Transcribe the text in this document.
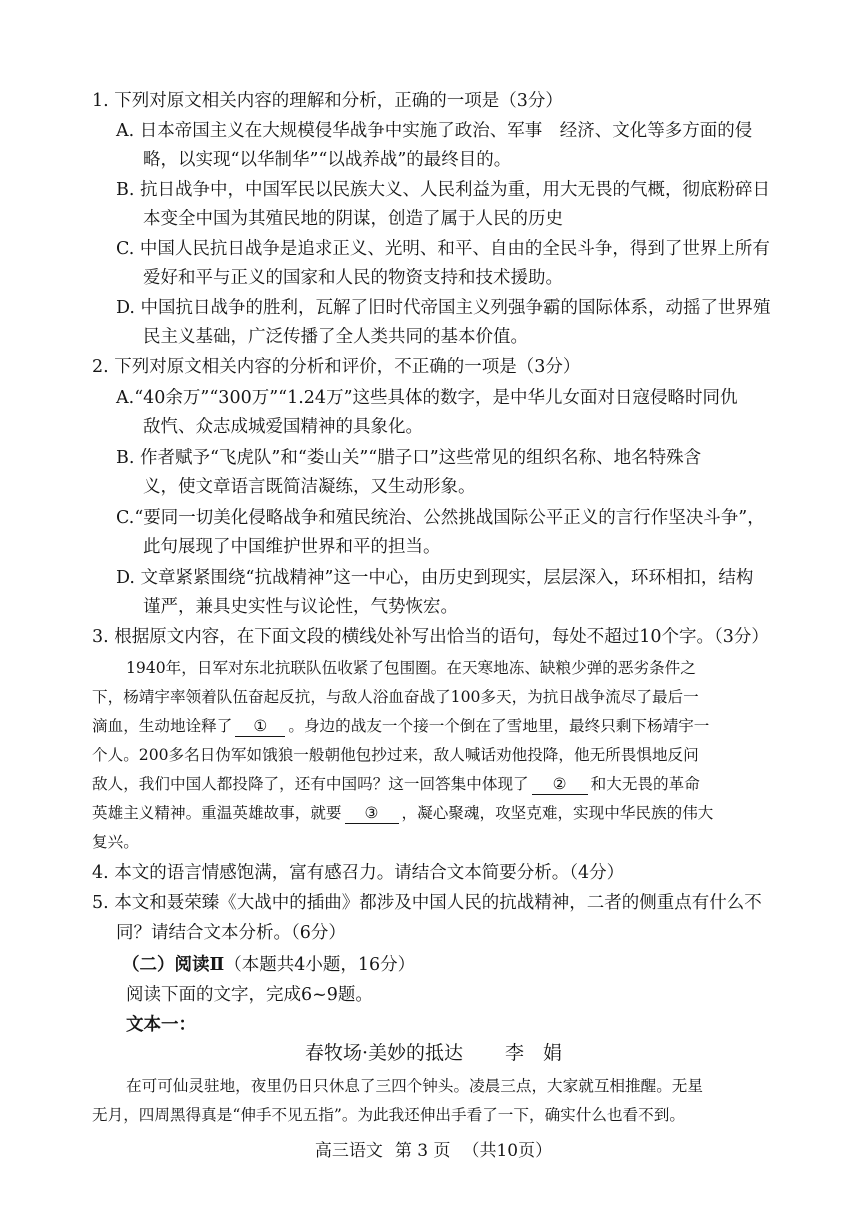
1. 下列对原文相关内容的理解和分析，正确的一项是（3分）
A. 日本帝国主义在大规模侵华战争中实施了政治、军事　经济、文化等多方面的侵
略，以实现“以华制华”“以战养战”的最终目的。
B. 抗日战争中，中国军民以民族大义、人民利益为重，用大无畏的气概，彻底粉碎日
本变全中国为其殖民地的阴谋，创造了属于人民的历史
C. 中国人民抗日战争是追求正义、光明、和平、自由的全民斗争，得到了世界上所有
爱好和平与正义的国家和人民的物资支持和技术援助。
D. 中国抗日战争的胜利，瓦解了旧时代帝国主义列强争霸的国际体系，动摇了世界殖
民主义基础，广泛传播了全人类共同的基本价值。
2. 下列对原文相关内容的分析和评价，不正确的一项是（3分）
A.“40余万”“300万”“1.24万”这些具体的数字，是中华儿女面对日寇侵略时同仇
敌忾、众志成城爱国精神的具象化。
B. 作者赋予“飞虎队”和“娄山关”“腊子口”这些常见的组织名称、地名特殊含
义，使文章语言既简洁凝练，又生动形象。
C.“要同一切美化侵略战争和殖民统治、公然挑战国际公平正义的言行作坚决斗争”，
此句展现了中国维护世界和平的担当。
D. 文章紧紧围绕“抗战精神”这一中心，由历史到现实，层层深入，环环相扣，结构
谨严，兼具史实性与议论性，气势恢宏。
3. 根据原文内容，在下面文段的横线处补写出恰当的语句，每处不超过10个字。（3分）
1940年，日军对东北抗联队伍收紧了包围圈。在天寒地冻、缺粮少弹的恶劣条件之
下，杨靖宇率领着队伍奋起反抗，与敌人浴血奋战了100多天，为抗日战争流尽了最后一
滴血，生动地诠释了 ① 。身边的战友一个接一个倒在了雪地里，最终只剩下杨靖宇一
个人。200多名日伪军如饿狼一般朝他包抄过来，敌人喊话劝他投降，他无所畏惧地反问
敌人，我们中国人都投降了，还有中国吗？这一回答集中体现了 ② 和大无畏的革命
英雄主义精神。重温英雄故事，就要 ③ ，凝心聚魂，攻坚克难，实现中华民族的伟大
复兴。
4. 本文的语言情感饱满，富有感召力。请结合文本简要分析。（4分）
5. 本文和聂荣臻《大战中的插曲》都涉及中国人民的抗战精神，二者的侧重点有什么不
同？请结合文本分析。（6分）
（二）阅读Ⅱ（本题共4小题，16分）
阅读下面的文字，完成6~9题。
文本一：
春牧场·美妙的抵达 李　娟
在可可仙灵驻地，夜里仍日只休息了三四个钟头。凌晨三点，大家就互相推醒。无星
无月，四周黑得真是“伸手不见五指”。为此我还伸出手看了一下，确实什么也看不到。
高三语文 第 3 页 （共10页）
